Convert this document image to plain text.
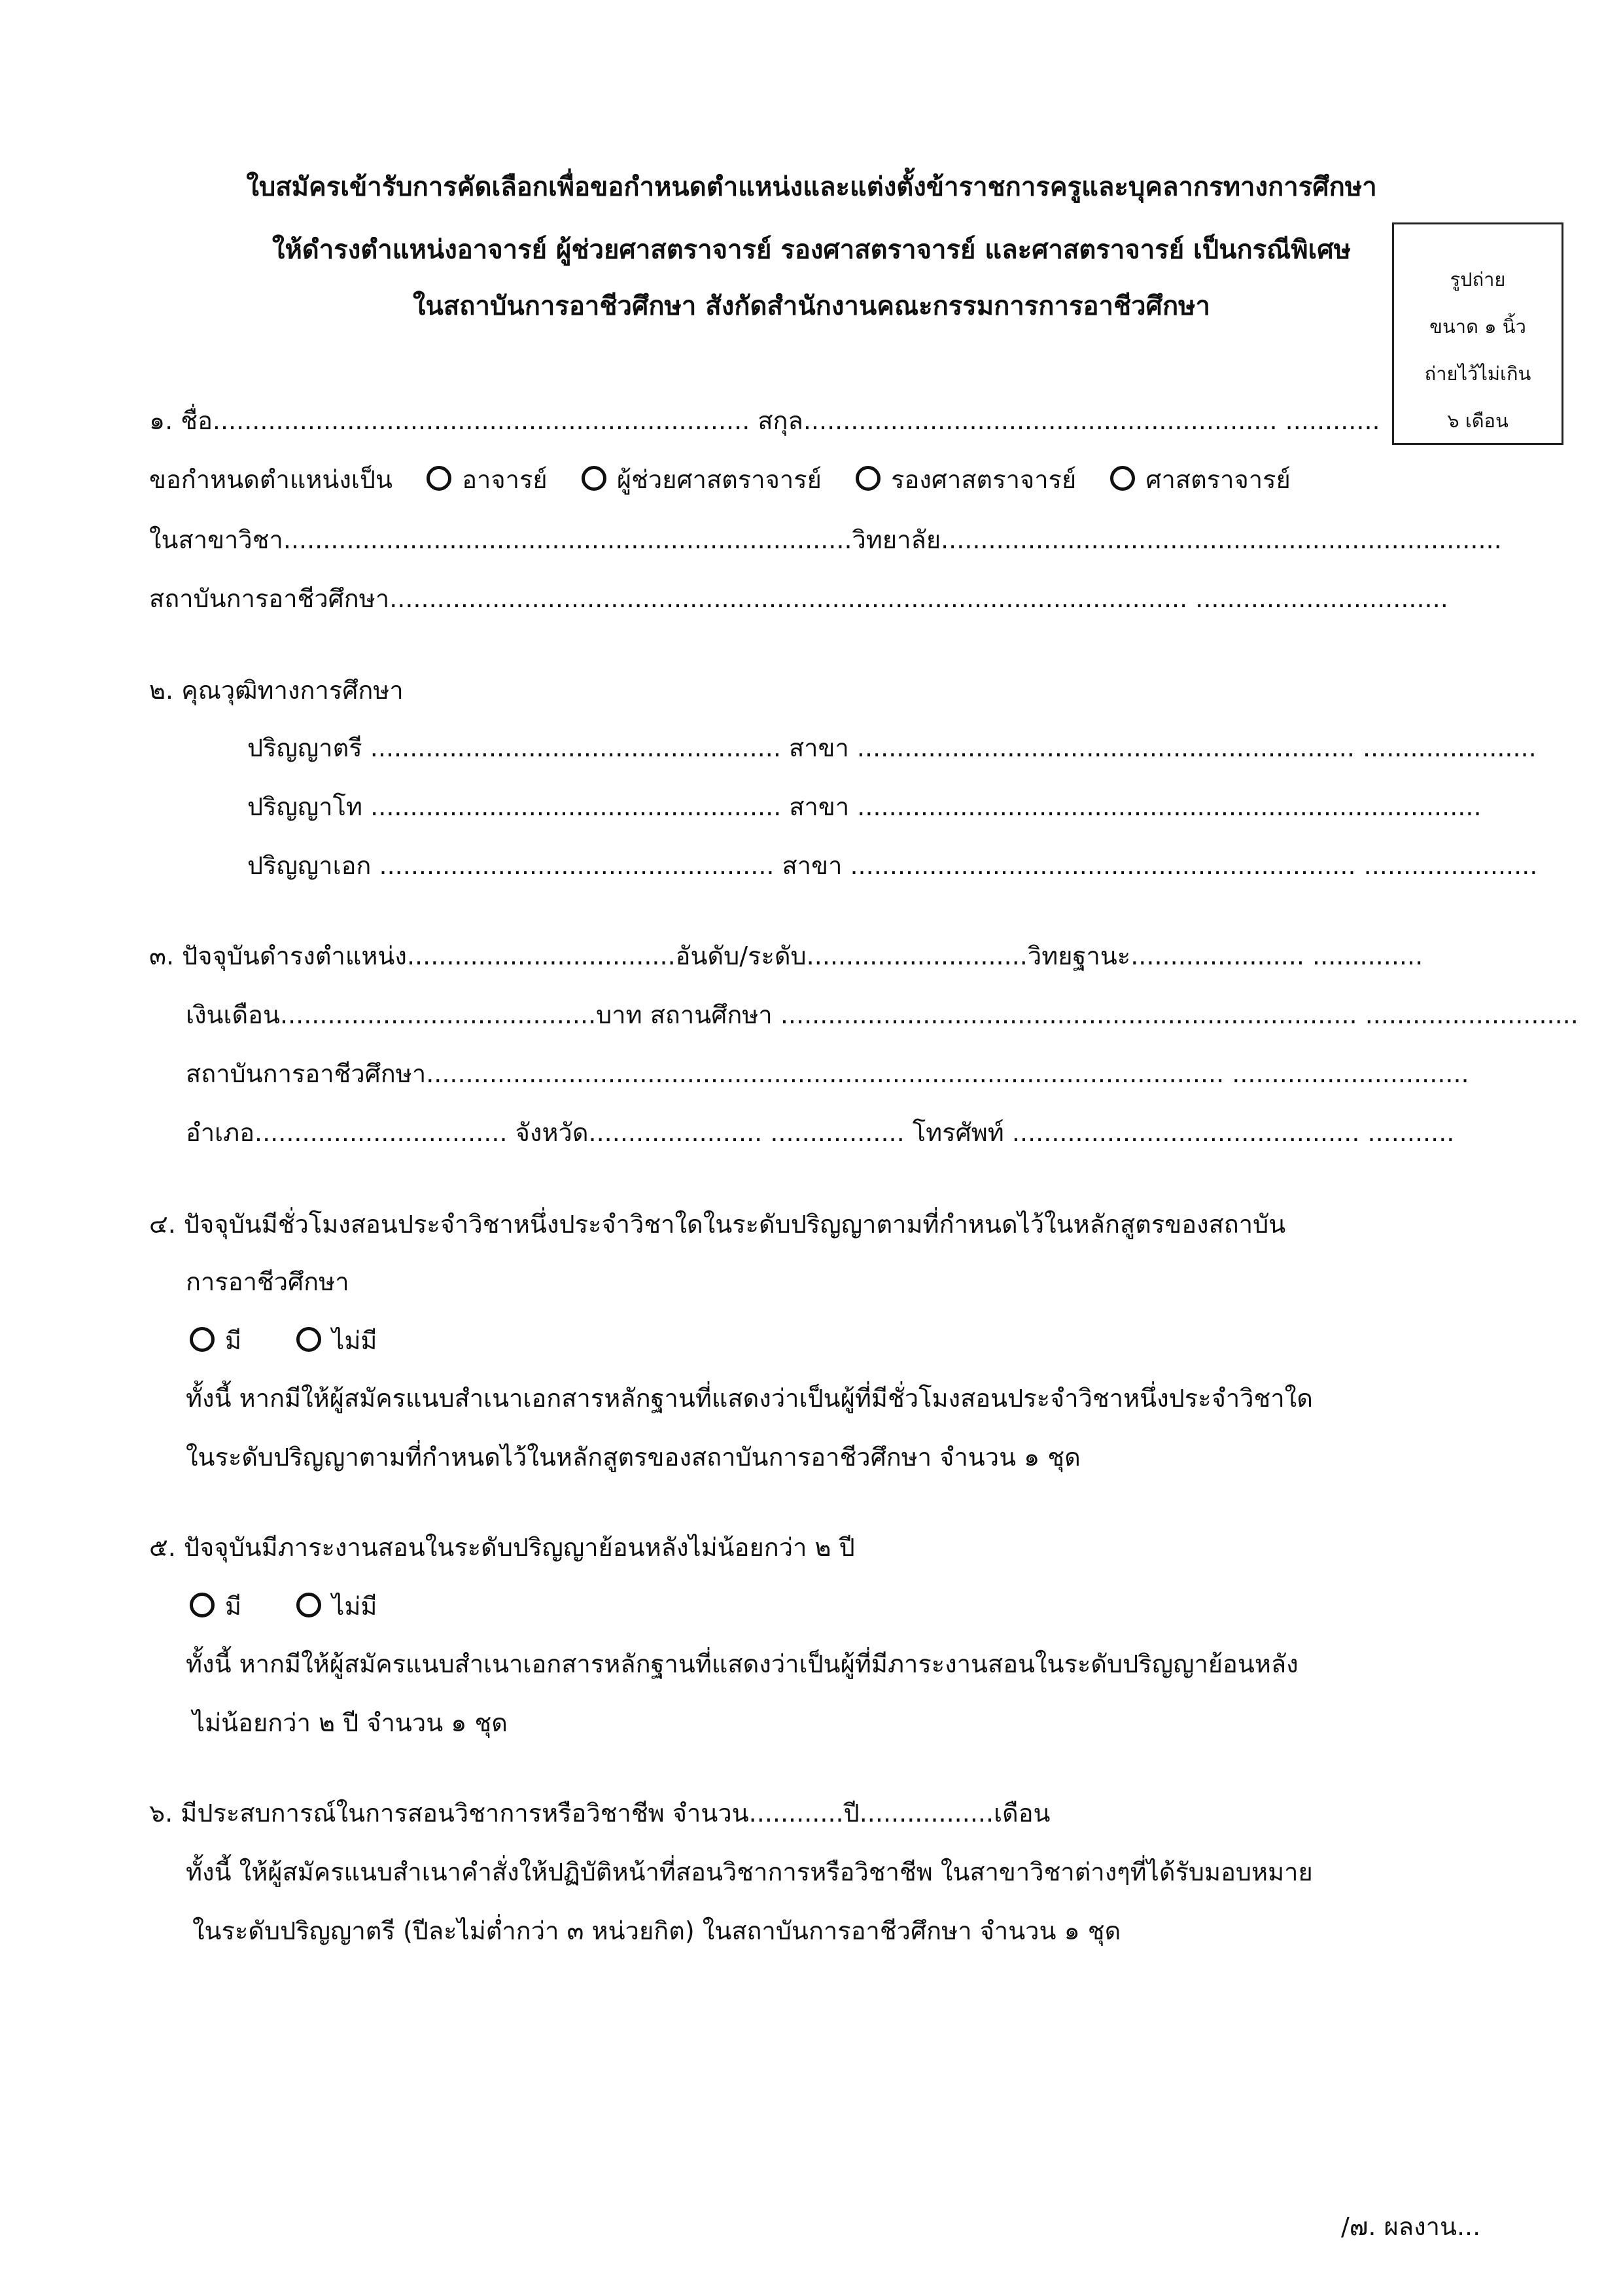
ใบสมัครเข้ารับการคัดเลือกเพื่อขอกำหนดตำแหน่งและแต่งตั้งข้าราชการครูและบุคลากรทางการศึกษา
ให้ดำรงตำแหน่งอาจารย์ ผู้ช่วยศาสตราจารย์ รองศาสตราจารย์ และศาสตราจารย์ เป็นกรณีพิเศษ
ในสถาบันการอาชีวศึกษา สังกัดสำนักงานคณะกรรมการการอาชีวศึกษา
รูปถ่าย
ขนาด ๑ นิ้ว
ถ่ายไว้ไม่เกิน
๖ เดือน
๑. ชื่อ.................................................................... สกุล............................................................ ............
ขอกำหนดตำแหน่งเป็น	อาจารย์	ผู้ช่วยศาสตราจารย์	รองศาสตราจารย์	ศาสตราจารย์
ในสาขาวิชา........................................................................วิทยาลัย.......................................................................
สถาบันการอาชีวศึกษา..................................................................................................... ................................
๒. คุณวุฒิทางการศึกษา
ปริญญาตรี .................................................... สาขา ............................................................... ......................
ปริญญาโท .................................................... สาขา ...............................................................................
ปริญญาเอก .................................................. สาขา ................................................................ ......................
๓. ปัจจุบันดำรงตำแหน่ง..................................อันดับ/ระดับ............................วิทยฐานะ...................... ..............
เงินเดือน........................................บาท สถานศึกษา ......................................................................... ...........................
สถาบันการอาชีวศึกษา..................................................................................................... ..............................
อำเภอ................................ จังหวัด...................... ................. โทรศัพท์ ............................................ ...........
๔. ปัจจุบันมีชั่วโมงสอนประจำวิชาหนึ่งประจำวิชาใดในระดับปริญญาตามที่กำหนดไว้ในหลักสูตรของสถาบัน
การอาชีวศึกษา
มี	ไม่มี
ทั้งนี้ หากมีให้ผู้สมัครแนบสำเนาเอกสารหลักฐานที่แสดงว่าเป็นผู้ที่มีชั่วโมงสอนประจำวิชาหนึ่งประจำวิชาใด
ในระดับปริญญาตามที่กำหนดไว้ในหลักสูตรของสถาบันการอาชีวศึกษา จำนวน ๑ ชุด
๕. ปัจจุบันมีภาระงานสอนในระดับปริญญาย้อนหลังไม่น้อยกว่า ๒ ปี
มี	ไม่มี
ทั้งนี้ หากมีให้ผู้สมัครแนบสำเนาเอกสารหลักฐานที่แสดงว่าเป็นผู้ที่มีภาระงานสอนในระดับปริญญาย้อนหลัง
ไม่น้อยกว่า ๒ ปี จำนวน ๑ ชุด
๖. มีประสบการณ์ในการสอนวิชาการหรือวิชาชีพ จำนวน............ปี.................เดือน
ทั้งนี้ ให้ผู้สมัครแนบสำเนาคำสั่งให้ปฏิบัติหน้าที่สอนวิชาการหรือวิชาชีพ ในสาขาวิชาต่างๆที่ได้รับมอบหมาย
ในระดับปริญญาตรี (ปีละไม่ต่ำกว่า ๓ หน่วยกิต) ในสถาบันการอาชีวศึกษา จำนวน ๑ ชุด
/๗. ผลงาน...
